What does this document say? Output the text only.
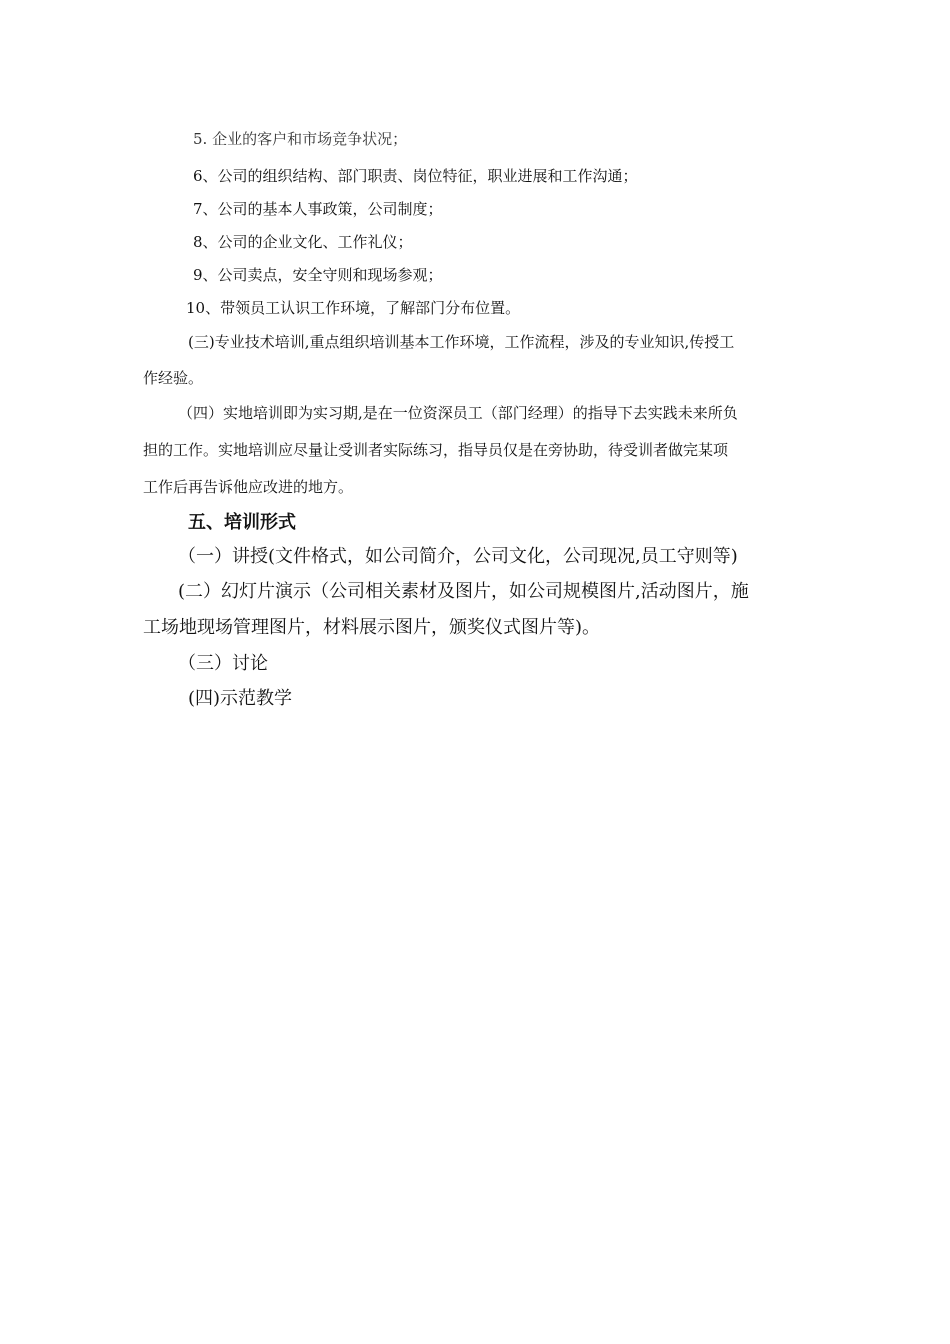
5. 企业的客户和市场竞争状况；
6、公司的组织结构、部门职责、岗位特征，职业进展和工作沟通；
7、公司的基本人事政策，公司制度；
8、公司的企业文化、工作礼仪；
9、公司卖点，安全守则和现场参观；
10、带领员工认识工作环境，了解部门分布位置。
(三)专业技术培训,重点组织培训基本工作环境，工作流程，涉及的专业知识,传授工
作经验。
（四）实地培训即为实习期,是在一位资深员工（部门经理）的指导下去实践未来所负
担的工作。实地培训应尽量让受训者实际练习，指导员仅是在旁协助，待受训者做完某项
工作后再告诉他应改进的地方。
五、培训形式
（一）讲授(文件格式，如公司简介，公司文化，公司现况,员工守则等)
(二）幻灯片演示（公司相关素材及图片，如公司规模图片,活动图片，施
工场地现场管理图片，材料展示图片，颁奖仪式图片等)。
（三）讨论
(四)示范教学
